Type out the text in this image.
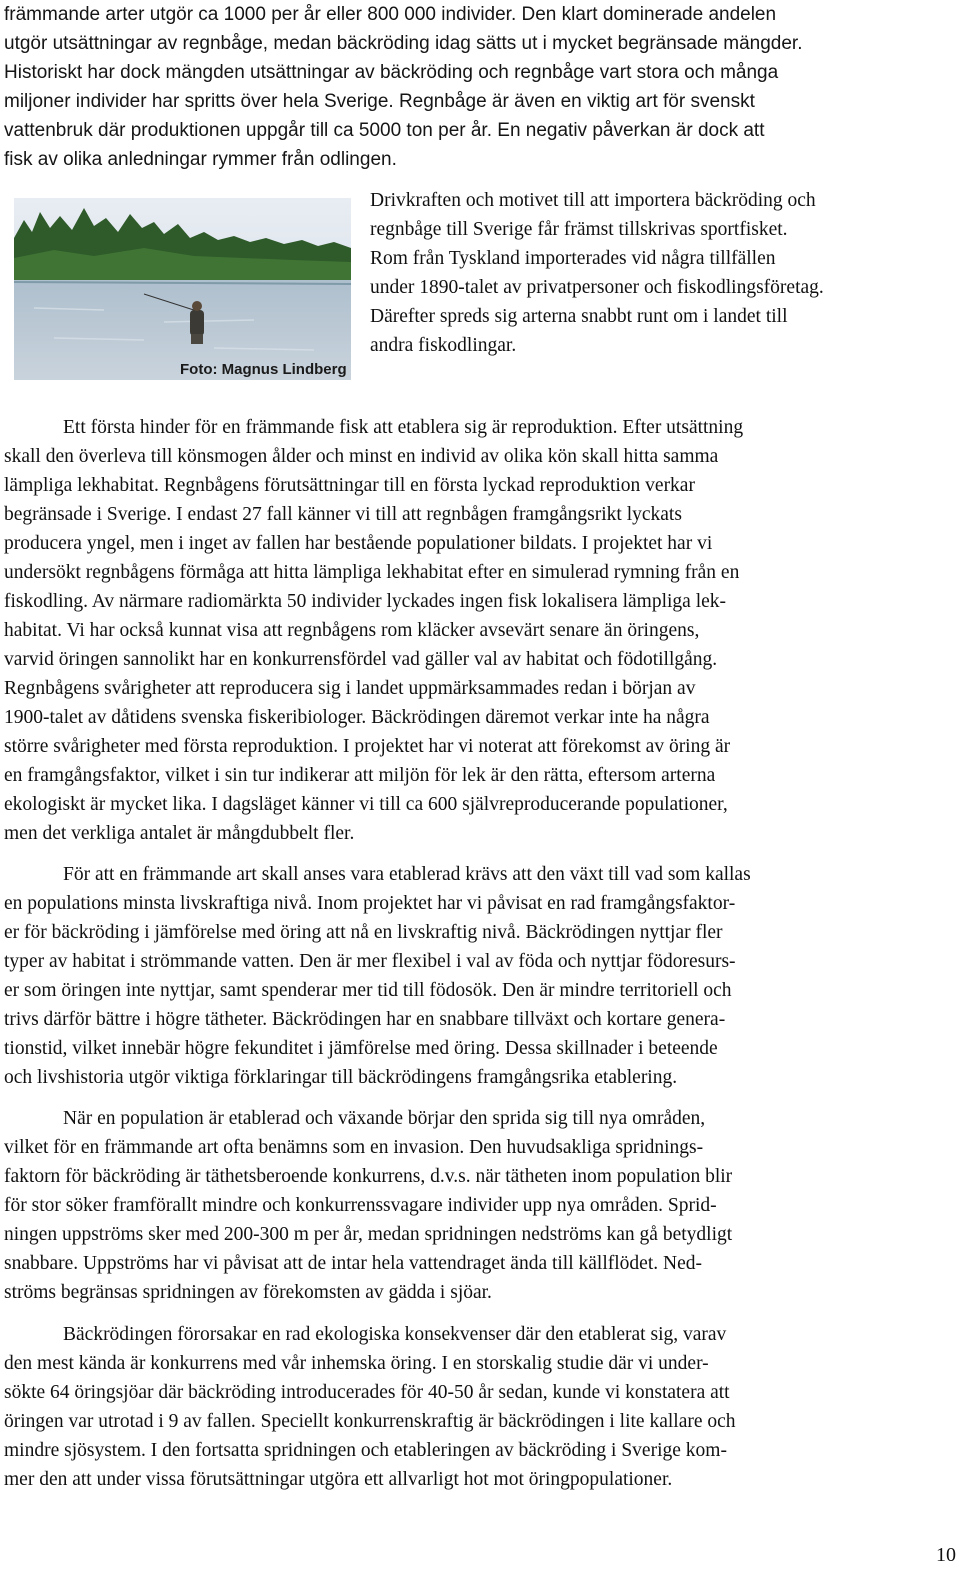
främmande arter utgör ca 1000 per år eller 800 000 individer. Den klart dominerade andelen
utgör utsättningar av regnbåge, medan bäckröding idag sätts ut i mycket begränsade mängder.
Historiskt har dock mängden utsättningar av bäckröding och regnbåge vart stora och många
miljoner individer har spritts över hela Sverige. Regnbåge är även en viktig art för svenskt
vattenbruk där produktionen uppgår till ca 5000 ton per år. En negativ påverkan är dock att
fisk av olika anledningar rymmer från odlingen.

Foto: Magnus Lindberg

Drivkraften och motivet till att importera bäckröding och
regnbåge till Sverige får främst tillskrivas sportfisket.
Rom från Tyskland importerades vid några tillfällen
under 1890-talet av privatpersoner och fiskodlingsföretag.
Därefter spreds sig arterna snabbt runt om i landet till
andra fiskodlingar.

Ett första hinder för en främmande fisk att etablera sig är reproduktion. Efter utsättning
skall den överleva till könsmogen ålder och minst en individ av olika kön skall hitta samma
lämpliga lekhabitat. Regnbågens förutsättningar till en första lyckad reproduktion verkar
begränsade i Sverige. I endast 27 fall känner vi till att regnbågen framgångsrikt lyckats
producera yngel, men i inget av fallen har bestående populationer bildats. I projektet har vi
undersökt regnbågens förmåga att hitta lämpliga lekhabitat efter en simulerad rymning från en
fiskodling. Av närmare radiomärkta 50 individer lyckades ingen fisk lokalisera lämpliga lek-
habitat. Vi har också kunnat visa att regnbågens rom kläcker avsevärt senare än öringens,
varvid öringen sannolikt har en konkurrensfördel vad gäller val av habitat och födotillgång.
Regnbågens svårigheter att reproducera sig i landet uppmärksammades redan i början av
1900-talet av dåtidens svenska fiskeribiologer. Bäckrödingen däremot verkar inte ha några
större svårigheter med första reproduktion. I projektet har vi noterat att förekomst av öring är
en framgångsfaktor, vilket i sin tur indikerar att miljön för lek är den rätta, eftersom arterna
ekologiskt är mycket lika. I dagsläget känner vi till ca 600 självreproducerande populationer,
men det verkliga antalet är mångdubbelt fler.

För att en främmande art skall anses vara etablerad krävs att den växt till vad som kallas
en populations minsta livskraftiga nivå. Inom projektet har vi påvisat en rad framgångsfaktor-
er för bäckröding i jämförelse med öring att nå en livskraftig nivå. Bäckrödingen nyttjar fler
typer av habitat i strömmande vatten. Den är mer flexibel i val av föda och nyttjar födoresurs-
er som öringen inte nyttjar, samt spenderar mer tid till födosök. Den är mindre territoriell och
trivs därför bättre i högre tätheter. Bäckrödingen har en snabbare tillväxt och kortare genera-
tionstid, vilket innebär högre fekunditet i jämförelse med öring. Dessa skillnader i beteende
och livshistoria utgör viktiga förklaringar till bäckrödingens framgångsrika etablering.

När en population är etablerad och växande börjar den sprida sig till nya områden,
vilket för en främmande art ofta benämns som en invasion. Den huvudsakliga spridnings-
faktorn för bäckröding är täthetsberoende konkurrens, d.v.s. när tätheten inom population blir
för stor söker framförallt mindre och konkurrenssvagare individer upp nya områden. Sprid-
ningen uppströms sker med 200-300 m per år, medan spridningen nedströms kan gå betydligt
snabbare. Uppströms har vi påvisat att de intar hela vattendraget ända till källflödet. Ned-
ströms begränsas spridningen av förekomsten av gädda i sjöar.

Bäckrödingen förorsakar en rad ekologiska konsekvenser där den etablerat sig, varav
den mest kända är konkurrens med vår inhemska öring. I en storskalig studie där vi under-
sökte 64 öringsjöar där bäckröding introducerades för 40-50 år sedan, kunde vi konstatera att
öringen var utrotad i 9 av fallen. Speciellt konkurrenskraftig är bäckrödingen i lite kallare och
mindre sjösystem. I den fortsatta spridningen och etableringen av bäckröding i Sverige kom-
mer den att under vissa förutsättningar utgöra ett allvarligt hot mot öringpopulationer.

10
